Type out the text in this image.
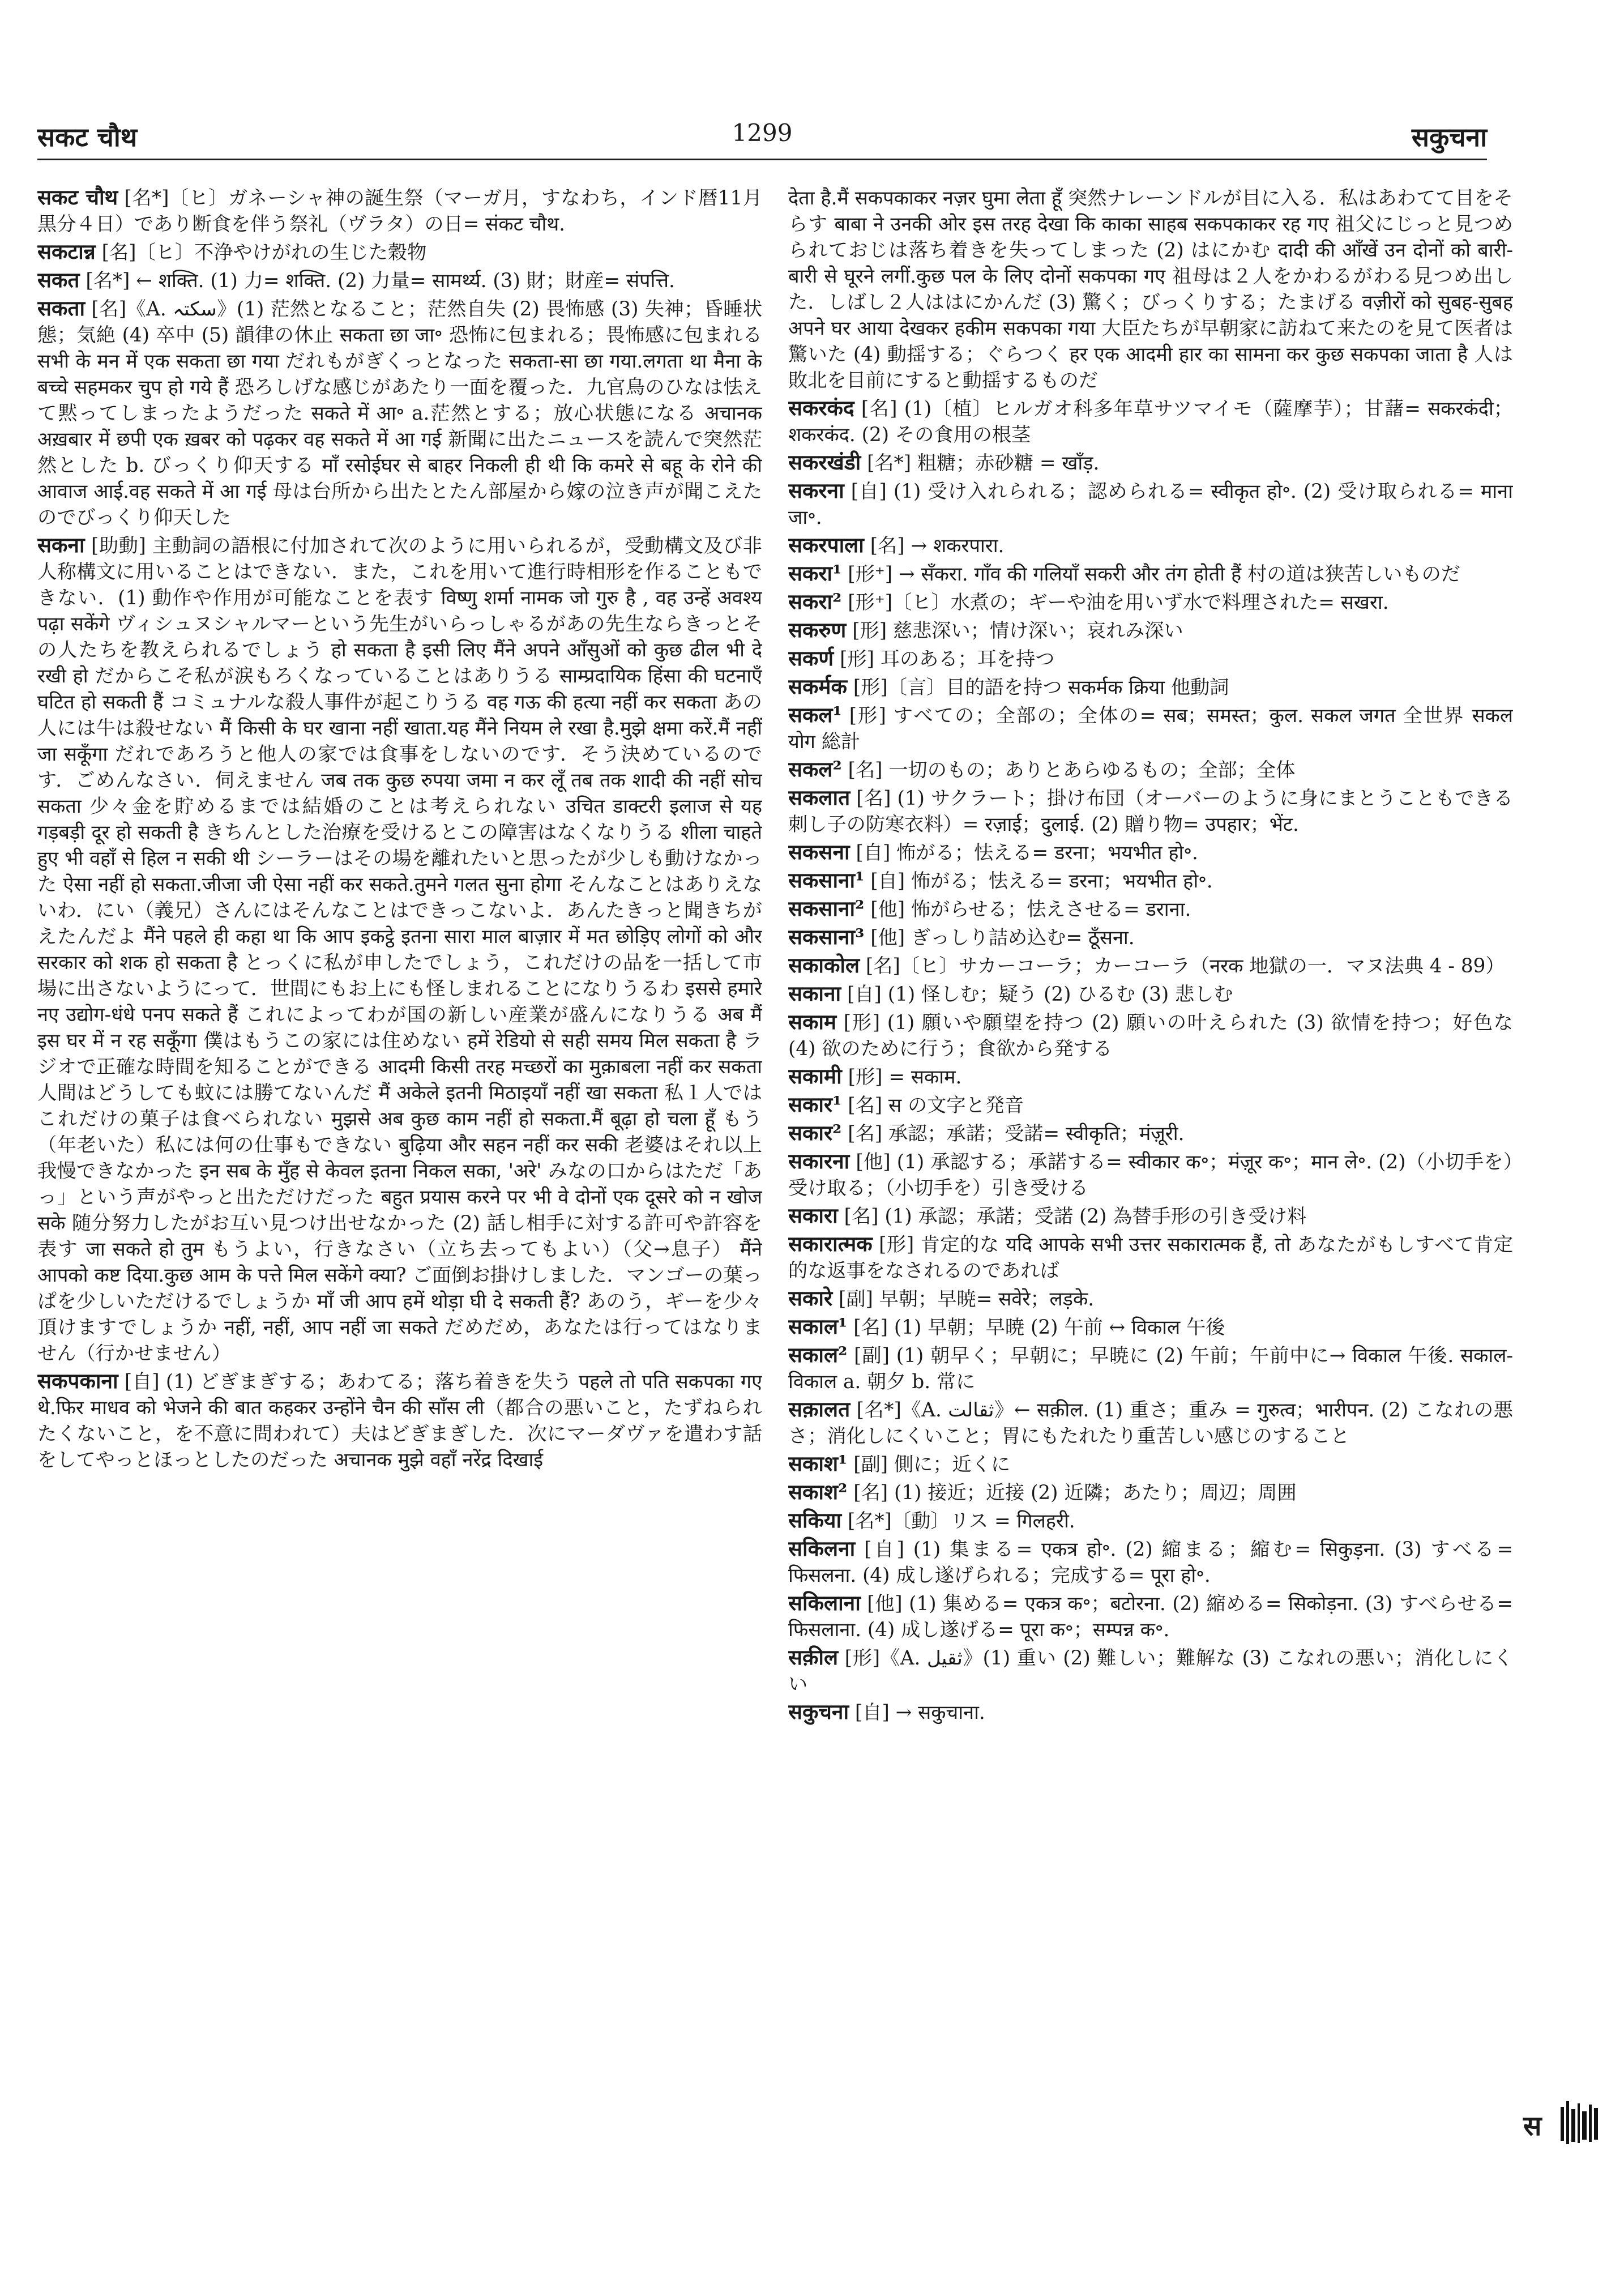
सकट चौथ	1299	सकुचना

सकट चौथ [名*]〔ヒ〕ガネーシャ神の誕生祭（マーガ月，すなわち，インド暦11月黒分４日）であり断食を伴う祭礼（ヴラタ）の日= संकट चौथ.

सकटान्न [名]〔ヒ〕不浄やけがれの生じた穀物

सकत [名*] ← शक्ति. (1) 力= शक्ति. (2) 力量= सामर्थ्य. (3) 財；財産= संपत्ति.

सकता [名]《A. سكتہ》(1) 茫然となること；茫然自失 (2) 畏怖感 (3) 失神；昏睡状態；気絶 (4) 卒中 (5) 韻律の休止 सकता छा जा॰ 恐怖に包まれる；畏怖感に包まれる सभी के मन में एक सकता छा गया だれもがぎくっとなった सकता-सा छा गया.लगता था मैना के बच्चे सहमकर चुप हो गये हैं 恐ろしげな感じがあたり一面を覆った．九官鳥のひなは怯えて黙ってしまったようだった सकते में आ॰ a.茫然とする；放心状態になる अचानक अख़बार में छपी एक ख़बर को पढ़कर वह सकते में आ गई 新聞に出たニュースを読んで突然茫然とした b. びっくり仰天する माँ रसोईघर से बाहर निकली ही थी कि कमरे से बहू के रोने की आवाज आई.वह सकते में आ गई 母は台所から出たとたん部屋から嫁の泣き声が聞こえたのでびっくり仰天した

सकना [助動] 主動詞の語根に付加されて次のように用いられるが，受動構文及び非人称構文に用いることはできない．また，これを用いて進行時相形を作ることもできない．(1) 動作や作用が可能なことを表す विष्णु शर्मा नामक जो गुरु है , वह उन्हें अवश्य पढ़ा सकेंगे ヴィシュヌシャルマーという先生がいらっしゃるがあの先生ならきっとその人たちを教えられるでしょう हो सकता है इसी लिए मैंने अपने आँसुओं को कुछ ढील भी दे रखी हो だからこそ私が涙もろくなっていることはありうる साम्प्रदायिक हिंसा की घटनाएँ घटित हो सकती हैं コミュナルな殺人事件が起こりうる वह गऊ की हत्या नहीं कर सकता あの人には牛は殺せない मैं किसी के घर खाना नहीं खाता.यह मैंने नियम ले रखा है.मुझे क्षमा करें.मैं नहीं जा सकूँगा だれであろうと他人の家では食事をしないのです．そう決めているのです．ごめんなさい．伺えません जब तक कुछ रुपया जमा न कर लूँ तब तक शादी की नहीं सोच सकता 少々金を貯めるまでは結婚のことは考えられない उचित डाक्टरी इलाज से यह गड़बड़ी दूर हो सकती है きちんとした治療を受けるとこの障害はなくなりうる शीला चाहते हुए भी वहाँ से हिल न सकी थी シーラーはその場を離れたいと思ったが少しも動けなかった ऐसा नहीं हो सकता.जीजा जी ऐसा नहीं कर सकते.तुमने गलत सुना होगा そんなことはありえないわ．にい（義兄）さんにはそんなことはできっこないよ．あんたきっと聞きちがえたんだよ मैंने पहले ही कहा था कि आप इकट्ठे इतना सारा माल बाज़ार में मत छोड़िए लोगों को और सरकार को शक हो सकता है とっくに私が申したでしょう，これだけの品を一括して市場に出さないようにって．世間にもお上にも怪しまれることになりうるわ इससे हमारे नए उद्योग-धंधे पनप सकते हैं これによってわが国の新しい産業が盛んになりうる अब मैं इस घर में न रह सकूँगा 僕はもうこの家には住めない हमें रेडियो से सही समय मिल सकता है ラジオで正確な時間を知ることができる आदमी किसी तरह मच्छरों का मुक़ाबला नहीं कर सकता 人間はどうしても蚊には勝てないんだ मैं अकेले इतनी मिठाइयाँ नहीं खा सकता 私１人ではこれだけの菓子は食べられない मुझसे अब कुछ काम नहीं हो सकता.मैं बूढ़ा हो चला हूँ もう（年老いた）私には何の仕事もできない बुढ़िया और सहन नहीं कर सकी 老婆はそれ以上我慢できなかった इन सब के मुँह से केवल इतना निकल सका, 'अरे' みなの口からはただ「あっ」という声がやっと出ただけだった बहुत प्रयास करने पर भी वे दोनों एक दूसरे को न खोज सके 随分努力したがお互い見つけ出せなかった (2) 話し相手に対する許可や許容を表す जा सकते हो तुम もうよい，行きなさい（立ち去ってもよい）（父→息子） मैंने आपको कष्ट दिया.कुछ आम के पत्ते मिल सकेंगे क्या? ご面倒お掛けしました．マンゴーの葉っぱを少しいただけるでしょうか माँ जी आप हमें थोड़ा घी दे सकती हैं? あのう，ギーを少々頂けますでしょうか नहीं, नहीं, आप नहीं जा सकते だめだめ，あなたは行ってはなりません（行かせません）

सकपकाना [自] (1) どぎまぎする；あわてる；落ち着きを失う पहले तो पति सकपका गए थे.फिर माधव को भेजने की बात कहकर उन्होंने चैन की साँस ली（都合の悪いこと，たずねられたくないこと，を不意に問われて）夫はどぎまぎした．次にマーダヴァを遣わす話をしてやっとほっとしたのだった अचानक मुझे वहाँ नरेंद्र दिखाई

देता है.मैं सकपकाकर नज़र घुमा लेता हूँ 突然ナレーンドルが目に入る．私はあわてて目をそらす बाबा ने उनकी ओर इस तरह देखा कि काका साहब सकपकाकर रह गए 祖父にじっと見つめられておじは落ち着きを失ってしまった (2) はにかむ दादी की आँखें उन दोनों को बारी-बारी से घूरने लगीं.कुछ पल के लिए दोनों सकपका गए 祖母は２人をかわるがわる見つめ出した．しばし２人ははにかんだ (3) 驚く；びっくりする；たまげる वज़ीरों को सुबह-सुबह अपने घर आया देखकर हकीम सकपका गया 大臣たちが早朝家に訪ねて来たのを見て医者は驚いた (4) 動揺する；ぐらつく हर एक आदमी हार का सामना कर कुछ सकपका जाता है 人は敗北を目前にすると動揺するものだ

सकरकंद [名] (1)〔植〕ヒルガオ科多年草サツマイモ（薩摩芋）；甘藷= सकरकंदी；शकरकंद. (2) その食用の根茎

सकरखंडी [名*] 粗糖；赤砂糖 = खाँड़.

सकरना [自] (1) 受け入れられる；認められる= स्वीकृत हो॰. (2) 受け取られる= माना जा॰.

सकरपाला [名] → शकरपारा.

सकरा¹ [形⁺] → सँकरा. गाँव की गलियाँ सकरी और तंग होती हैं 村の道は狭苦しいものだ

सकरा² [形⁺]〔ヒ〕水煮の；ギーや油を用いず水で料理された= सखरा.

सकरुण [形] 慈悲深い；情け深い；哀れみ深い

सकर्ण [形] 耳のある；耳を持つ

सकर्मक [形]〔言〕目的語を持つ सकर्मक क्रिया 他動詞

सकल¹ [形] すべての；全部の；全体の= सब；समस्त；कुल. सकल जगत 全世界 सकल योग 総計

सकल² [名] 一切のもの；ありとあらゆるもの；全部；全体

सकलात [名] (1) サクラート；掛け布団（オーバーのように身にまとうこともできる刺し子の防寒衣料）= रज़ाई；दुलाई. (2) 贈り物= उपहार；भेंट.

सकसना [自] 怖がる；怯える= डरना；भयभीत हो॰.

सकसाना¹ [自] 怖がる；怯える= डरना；भयभीत हो॰.

सकसाना² [他] 怖がらせる；怯えさせる= डराना.

सकसाना³ [他] ぎっしり詰め込む= ठूँसना.

सकाकोल [名]〔ヒ〕サカーコーラ；カーコーラ（नरक 地獄の一．マヌ法典 4 - 89）

सकाना [自] (1) 怪しむ；疑う (2) ひるむ (3) 悲しむ

सकाम [形] (1) 願いや願望を持つ (2) 願いの叶えられた (3) 欲情を持つ；好色な (4) 欲のために行う；食欲から発する

सकामी [形] = सकाम.

सकार¹ [名] स の文字と発音

सकार² [名] 承認；承諾；受諾= स्वीकृति；मंज़ूरी.

सकारना [他] (1) 承認する；承諾する= स्वीकार क॰；मंज़ूर क॰；मान ले॰. (2)（小切手を）受け取る；（小切手を）引き受ける

सकारा [名] (1) 承認；承諾；受諾 (2) 為替手形の引き受け料

सकारात्मक [形] 肯定的な यदि आपके सभी उत्तर सकारात्मक हैं, तो あなたがもしすべて肯定的な返事をなされるのであれば

सकारे [副] 早朝；早暁= सवेरे；लड़के.

सकाल¹ [名] (1) 早朝；早暁 (2) 午前 ↔ विकाल 午後

सकाल² [副] (1) 朝早く；早朝に；早暁に (2) 午前；午前中に→ विकाल 午後. सकाल-विकाल a. 朝夕 b. 常に

सक़ालत [名*]《A. ثقالت》← सक़ील. (1) 重さ；重み = गुरुत्व；भारीपन. (2) こなれの悪さ；消化しにくいこと；胃にもたれたり重苦しい感じのすること

सकाश¹ [副] 側に；近くに

सकाश² [名] (1) 接近；近接 (2) 近隣；あたり；周辺；周囲

सकिया [名*]〔動〕リス = गिलहरी.

सकिलना [自] (1) 集まる= एकत्र हो॰. (2) 縮まる；縮む= सिकुड़ना. (3) すべる= फिसलना. (4) 成し遂げられる；完成する= पूरा हो॰.

सकिलाना [他] (1) 集める= एकत्र क॰；बटोरना. (2) 縮める= सिकोड़ना. (3) すべらせる= फिसलाना. (4) 成し遂げる= पूरा क॰；सम्पन्न क॰.

सक़ील [形]《A. ثقيل》(1) 重い (2) 難しい；難解な (3) こなれの悪い；消化しにくい

सकुचना [自] → सकुचाना.

स
